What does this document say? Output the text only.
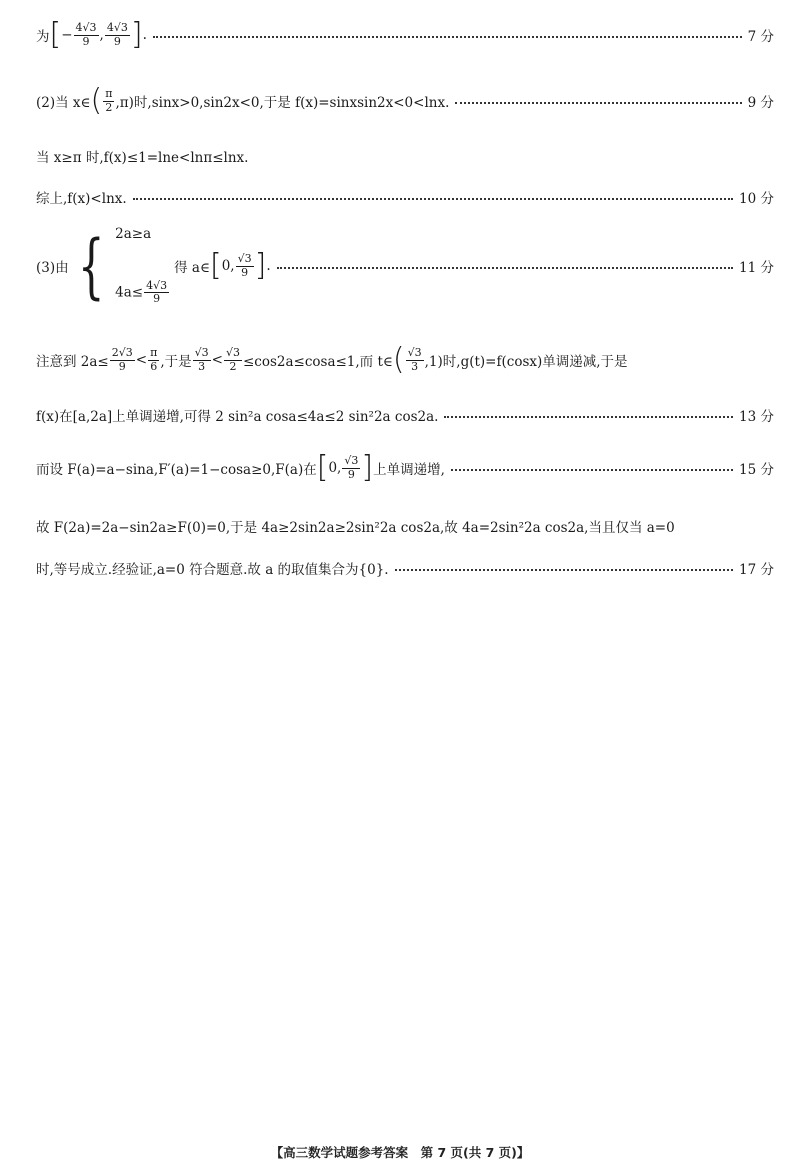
为 [ − $\frac{4√3}{9}$ , $\frac{4√3}{9}$ ] .	7 分
(2)当 x∈ ( $\frac{\pi}{2} ,\pi$)时,sinx>0,sin2x<0,于是 f(x)=sinxsin2x<0<lnx.	9 分
当 x≥π 时,f(x)≤1=lne<lnπ≤lnx.
综上,f(x)<lnx.	10 分
(3)由 { 2a≥a
$4a\le \frac{4√3}{9}$
得 a∈ [ 0, $\frac{√3}{9}$ ] .	11 分
注意到 $2a\le \frac{2√3}{9} < \frac{\pi}{6}$ ,于是 $\frac{√3}{3} < \frac{√3}{2} \le\cos 2a\le\cos a\le 1$,而 t∈ ( $\frac{√3}{3} ,1$)时,g(t)=f(cosx)单调递减,于是
f(x)在[a,2a]上单调递增,可得 2 sin²a cosa≤4a≤2 sin²2a cos2a.	13 分
而设 F(a)=a−sina,F′(a)=1−cosa≥0,F(a)在 [ 0, $\frac{√3}{9}$ ] 上单调递增,	15 分
故 F(2a)=2a−sin2a≥F(0)=0,于是 4a≥2sin2a≥2sin²2a cos2a,故 4a=2sin²2a cos2a,当且仅当 a=0
时,等号成立.经验证,a=0 符合题意.故 a 的取值集合为{0}.	17 分
【高三数学试题参考答案　第 7 页(共 7 页)】
